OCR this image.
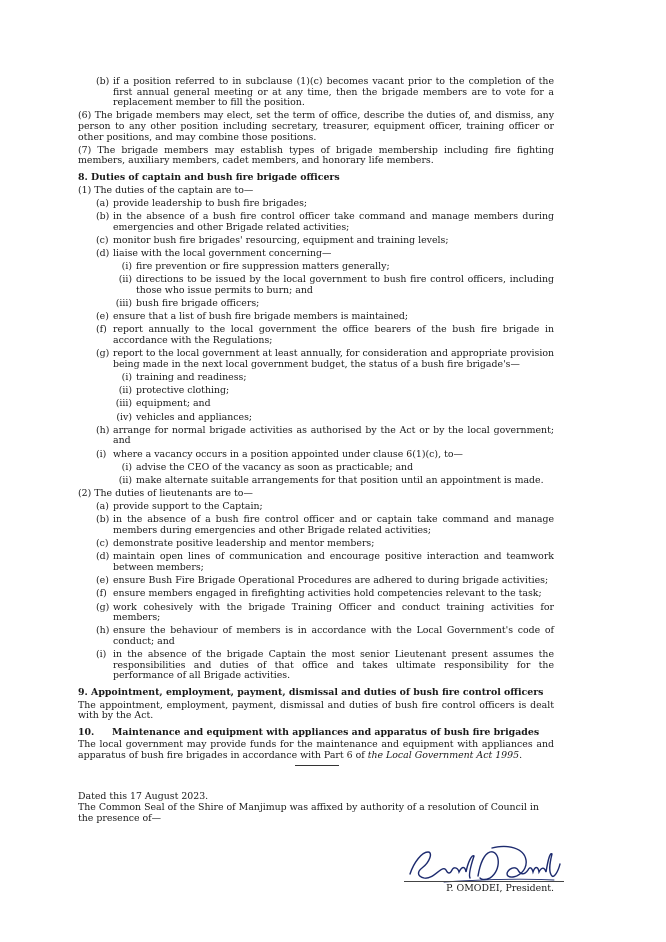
(b) if a position referred to in subclause (1)(c) becomes vacant prior to the completion of the first annual general meeting or at any time, then the brigade members are to vote for a replacement member to fill the position.
(6) The brigade members may elect, set the term of office, describe the duties of, and dismiss, any person to any other position including secretary, treasurer, equipment officer, training officer or other positions, and may combine those positions.
(7) The brigade members may establish types of brigade membership including fire fighting members, auxiliary members, cadet members, and honorary life members.
8. Duties of captain and bush fire brigade officers
(1) The duties of the captain are to—
(a) provide leadership to bush fire brigades;
(b) in the absence of a bush fire control officer take command and manage members during emergencies and other Brigade related activities;
(c) monitor bush fire brigades' resourcing, equipment and training levels;
(d) liaise with the local government concerning—
(i) fire prevention or fire suppression matters generally;
(ii) directions to be issued by the local government to bush fire control officers, including those who issue permits to burn; and
(iii) bush fire brigade officers;
(e) ensure that a list of bush fire brigade members is maintained;
(f) report annually to the local government the office bearers of the bush fire brigade in accordance with the Regulations;
(g) report to the local government at least annually, for consideration and appropriate provision being made in the next local government budget, the status of a bush fire brigade's—
(i) training and readiness;
(ii) protective clothing;
(iii) equipment; and
(iv) vehicles and appliances;
(h) arrange for normal brigade activities as authorised by the Act or by the local government; and
(i) where a vacancy occurs in a position appointed under clause 6(1)(c), to—
(i) advise the CEO of the vacancy as soon as practicable; and
(ii) make alternate suitable arrangements for that position until an appointment is made.
(2) The duties of lieutenants are to—
(a) provide support to the Captain;
(b) in the absence of a bush fire control officer and or captain take command and manage members during emergencies and other Brigade related activities;
(c) demonstrate positive leadership and mentor members;
(d) maintain open lines of communication and encourage positive interaction and teamwork between members;
(e) ensure Bush Fire Brigade Operational Procedures are adhered to during brigade activities;
(f) ensure members engaged in firefighting activities hold competencies relevant to the task;
(g) work cohesively with the brigade Training Officer and conduct training activities for members;
(h) ensure the behaviour of members is in accordance with the Local Government's code of conduct; and
(i) in the absence of the brigade Captain the most senior Lieutenant present assumes the responsibilities and duties of that office and takes ultimate responsibility for the performance of all Brigade activities.
9. Appointment, employment, payment, dismissal and duties of bush fire control officers
The appointment, employment, payment, dismissal and duties of bush fire control officers is dealt with by the Act.
10.	Maintenance and equipment with appliances and apparatus of bush fire brigades
The local government may provide funds for the maintenance and equipment with appliances and apparatus of bush fire brigades in accordance with Part 6 of the Local Government Act 1995.
Dated this 17 August 2023.
The Common Seal of the Shire of Manjimup was affixed by authority of a resolution of Council in the presence of—
P. OMODEI, President.
